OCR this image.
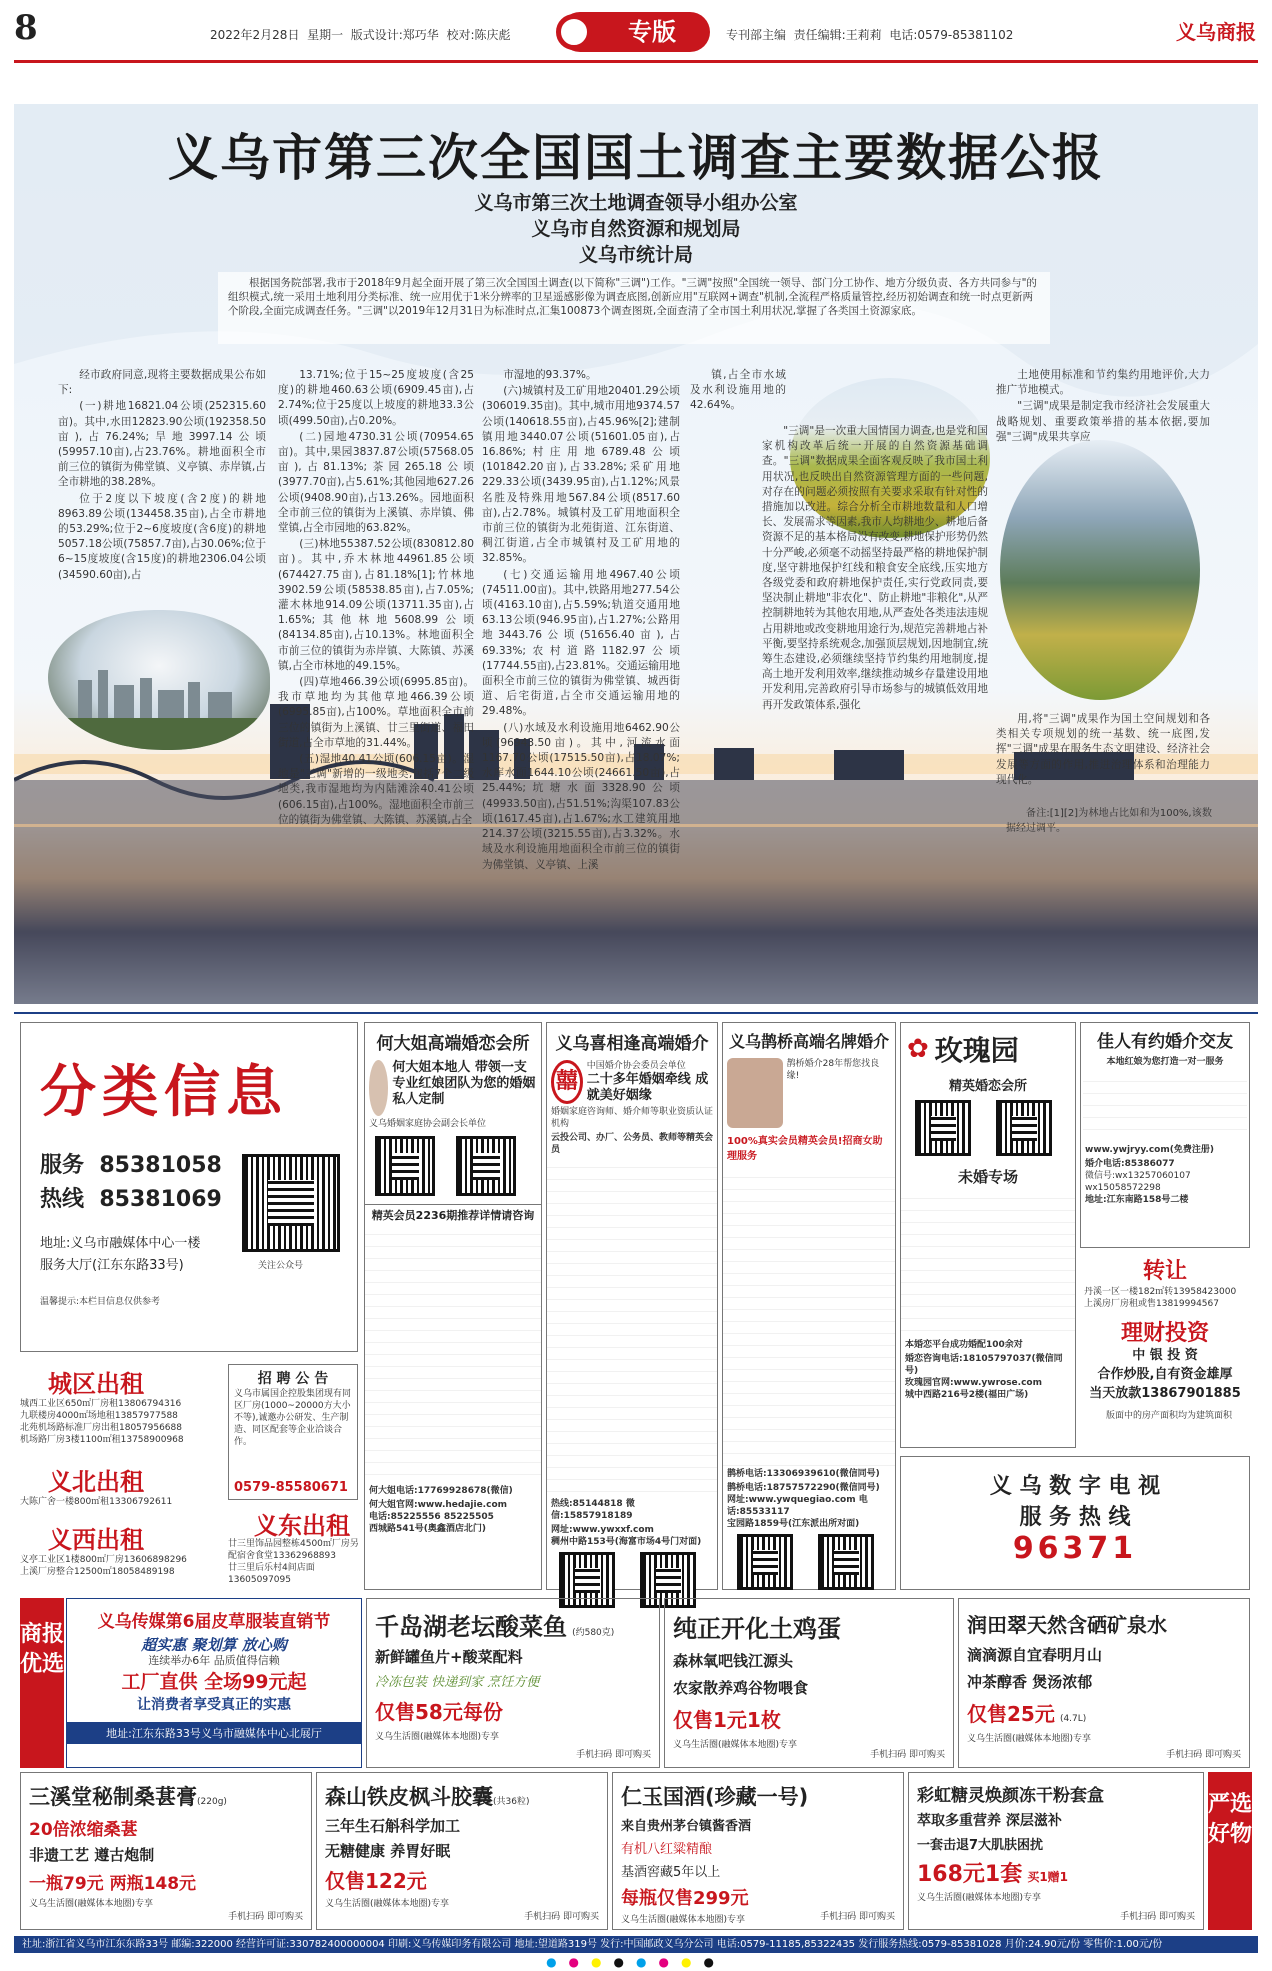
8	2022年2月28日 星期一 版式设计:郑巧华 校对:陈庆彪	专版	专刊部主编 责任编辑:王莉莉 电话:0579-85381102	义乌商报
义乌市第三次全国国土调查主要数据公报
义乌市第三次土地调查领导小组办公室
义乌市自然资源和规划局
义乌市统计局
根据国务院部署,我市于2018年9月起全面开展了第三次全国国土调查(以下简称"三调")工作。"三调"按照"全国统一领导、部门分工协作、地方分级负责、各方共同参与"的组织模式,统一采用土地利用分类标准、统一应用优于1米分辨率的卫星遥感影像为调查底图,创新应用"互联网+调查"机制,全流程严格质量管控,经历初始调查和统一时点更新两个阶段,全面完成调查任务。"三调"以2019年12月31日为标准时点,汇集100873个调查图斑,全面查清了全市国土利用状况,掌握了各类国土资源家底。

经市政府同意,现将主要数据成果公布如下:

(一)耕地16821.04公顷(252315.60亩)。其中,水田12823.90公顷(192358.50亩),占76.24%;旱地3997.14公顷(59957.10亩),占23.76%。耕地面积全市前三位的镇街为佛堂镇、义亭镇、赤岸镇,占全市耕地的38.28%。

位于2度以下坡度(含2度)的耕地8963.89公顷(134458.35亩),占全市耕地的53.29%;位于2~6度坡度(含6度)的耕地5057.18公顷(75857.7亩),占30.06%;位于6~15度坡度(含15度)的耕地2306.04公顷(34590.60亩),占

13.71%;位于15~25度坡度(含25度)的耕地460.63公顷(6909.45亩),占2.74%;位于25度以上坡度的耕地33.3公顷(499.50亩),占0.20%。

(二)园地4730.31公顷(70954.65亩)。其中,果园3837.87公顷(57568.05亩),占81.13%;茶园265.18公顷(3977.70亩),占5.61%;其他园地627.26公顷(9408.90亩),占13.26%。园地面积全市前三位的镇街为上溪镇、赤岸镇、佛堂镇,占全市园地的63.82%。

(三)林地55387.52公顷(830812.80亩)。其中,乔木林地44961.85公顷(674427.75亩),占81.18%[1];竹林地3902.59公顷(58538.85亩),占7.05%;灌木林地914.09公顷(13711.35亩),占1.65%;其他林地5608.99公顷(84134.85亩),占10.13%。林地面积全市前三位的镇街为赤岸镇、大陈镇、苏溪镇,占全市林地的49.15%。

(四)草地466.39公顷(6995.85亩)。我市草地均为其他草地466.39公顷(6995.85亩),占100%。草地面积全市前三位的镇街为上溪镇、廿三里街道、福田街道,占全市草地的31.44%。

(五)湿地40.41公顷(606.15亩)。湿地是"三调"新增的一级地类,包括7个二级地类,我市湿地均为内陆滩涂40.41公顷(606.15亩),占100%。湿地面积全市前三位的镇街为佛堂镇、大陈镇、苏溪镇,占全

市湿地的93.37%。

(六)城镇村及工矿用地20401.29公顷(306019.35亩)。其中,城市用地9374.57公顷(140618.55亩),占45.96%[2];建制镇用地3440.07公顷(51601.05亩),占16.86%;村庄用地6789.48公顷(101842.20亩),占33.28%;采矿用地229.33公顷(3439.95亩),占1.12%;风景名胜及特殊用地567.84公顷(8517.60亩),占2.78%。城镇村及工矿用地面积全市前三位的镇街为北苑街道、江东街道、稠江街道,占全市城镇村及工矿用地的32.85%。

(七)交通运输用地4967.40公顷(74511.00亩)。其中,铁路用地277.54公顷(4163.10亩),占5.59%;轨道交通用地63.13公顷(946.95亩),占1.27%;公路用地3443.76公顷(51656.40亩),占69.33%;农村道路1182.97公顷(17744.55亩),占23.81%。交通运输用地面积全市前三位的镇街为佛堂镇、城西街道、后宅街道,占全市交通运输用地的29.48%。

(八)水域及水利设施用地6462.90公顷(96943.50亩)。其中,河流水面1167.70公顷(17515.50亩),占18.07%;水库水面1644.10公顷(24661.50亩),占25.44%;坑塘水面3328.90公顷(49933.50亩),占51.51%;沟渠107.83公顷(1617.45亩),占1.67%;水工建筑用地214.37公顷(3215.55亩),占3.32%。水域及水利设施用地面积全市前三位的镇街为佛堂镇、义亭镇、上溪

镇,占全市水域及水利设施用地的42.64%。

"三调"是一次重大国情国力调查,也是党和国家机构改革后统一开展的自然资源基础调查。"三调"数据成果全面客观反映了我市国土利用状况,也反映出自然资源管理方面的一些问题,对存在的问题必须按照有关要求采取有针对性的措施加以改进。综合分析全市耕地数量和人口增长、发展需求等因素,我市人均耕地少、耕地后备资源不足的基本格局没有改变,耕地保护形势仍然十分严峻,必须毫不动摇坚持最严格的耕地保护制度,坚守耕地保护红线和粮食安全底线,压实地方各级党委和政府耕地保护责任,实行党政同责,要坚决制止耕地"非农化"、防止耕地"非粮化",从严控制耕地转为其他农用地,从严查处各类违法违规占用耕地或改变耕地用途行为,规范完善耕地占补平衡,要坚持系统观念,加强顶层规划,因地制宜,统筹生态建设,必须继续坚持节约集约用地制度,提高土地开发利用效率,继续推动城乡存量建设用地开发利用,完善政府引导市场参与的城镇低效用地再开发政策体系,强化

土地使用标准和节约集约用地评价,大力推广节地模式。

"三调"成果是制定我市经济社会发展重大战略规划、重要政策举措的基本依据,要加强"三调"成果共享应

用,将"三调"成果作为国土空间规划和各类相关专项规划的统一基数、统一底图,发挥"三调"成果在服务生态文明建设、经济社会发展等方面的作用,推进治理体系和治理能力现代化。

备注:[1][2]为林地占比如和为100%,该数据经过调平。
分类信息
服务 85381058
热线 85381069
地址:义乌市融媒体中心一楼
服务大厅(江东东路33号)	关注公众号
温馨提示:本栏目信息仅供参考
城区出租
城西工业区650㎡厂房租13806794316
九联楼房4000㎡场地租13857977588
北苑机场路标准厂房出租18057956688
机场路厂房3楼1100㎡租13758900968
义北出租
大陈广舍一楼800㎡租13306792611
义西出租
义亭工业区1楼800㎡厂房13606898296
上溪厂房整合12500㎡18058489198
招 聘 公 告
义乌市属国企控股集团现有同区厂房(1000~20000方大小不等),诚邀办公研发、生产制造、同区配套等企业洽谈合作。
0579-85580671
义东出租
廿三里饰品园整栋4500㎡厂房另配宿舍食堂13362968893
廿三里后乐村4间店面13605097095
何大姐高端婚恋会所
何大姐本地人 带领一支专业红娘团队为您的婚姻私人定制
义乌婚姻家庭协会副会长单位

精英会员2236期推荐详情请咨询
何大姐电话:17769928678(微信)
何大姐官网:www.hedajie.com
电话:85225556 85225505
西城路541号(奥鑫酒店北门)
义乌喜相逢高端婚介
囍
中国婚介协会委员会单位
二十多年婚姻牵线 成就美好姻缘
婚姻家庭咨询师、婚介师等职业资质认证机构
云投公司、办厂、公务员、教师等精英会员
热线:8514​4818 微信:15857918189
网址:www.ywxxf.com
稠州中路153号(海富市场4号门对面)

义乌鹊桥高端名牌婚介
鹊桥婚介28年帮您找良缘!
100%真实会员精英会员!招商女助理服务
鹊桥电话:13306939610(微信同号)
鹊桥电话:18757572290(微信同号)
网址:www.ywquegiao.com 电话:85533117
宝园路1859号(江东派出所对面)

✿ 玫瑰园
精英婚恋会所

未婚专场
本婚恋平台成功婚配100余对
婚恋咨询电话:18105797037(微信同号)
玫瑰园官网:www.ywrose.com
城中西路216号2楼(福田广场)
佳人有约婚介交友
本地红娘为您打造一对一服务
www.ywjryy.com(免费注册)
婚介电话:85386077
微信号:wx13257060107
wx15058572298
地址:江东南路158号二楼
转让
丹溪一区一楼182㎡转13958423000
上溪房厂房租或售13819994567
理财投资
中 银 投 资
合作炒股,自有资金雄厚
当天放款13867901885
版面中的房产面积均为建筑面积
义 乌 数 字 电 视
服 务 热 线
96371
商报优选
义乌传媒第6届皮草服装直销节
超实惠 聚划算 放心购
连续举办6年 品质值得信赖
工厂直供 全场99元起
让消费者享受真正的实惠
地址:江东东路33号义乌市融媒体中心北展厅
千岛湖老坛酸菜鱼 (约580克)
新鲜罐鱼片+酸菜配料
冷冻包装 快递到家 烹饪方便
仅售58元每份
义乌生活圈(融媒体本地圈)专享
手机扫码 即可购买
纯正开化土鸡蛋
森林氧吧钱江源头
农家散养鸡谷物喂食
仅售1元1枚
义乌生活圈(融媒体本地圈)专享
手机扫码 即可购买
润田翠天然含硒矿泉水
滴滴源自宜春明月山
冲茶醇香 煲汤浓郁
仅售25元 (4.7L)
义乌生活圈(融媒体本地圈)专享
手机扫码 即可购买
三溪堂秘制桑葚膏(220g)
20倍浓缩桑葚
非遗工艺 遵古炮制
一瓶79元 两瓶148元
义乌生活圈(融媒体本地圈)专享
手机扫码 即可购买
森山铁皮枫斗胶囊(共36粒)
三年生石斛科学加工
无糖健康 养胃好眠
仅售122元
义乌生活圈(融媒体本地圈)专享
手机扫码 即可购买
仁玉国酒(珍藏一号)
来自贵州茅台镇酱香酒
有机八红粱精酿
基酒窖藏5年以上
每瓶仅售299元
义乌生活圈(融媒体本地圈)专享	手机扫码 即可购买
彩虹糖灵焕颜冻干粉套盒
萃取多重营养 深层滋补
一套击退7大肌肤困扰
168元1套 买1赠1
义乌生活圈(融媒体本地圈)专享
手机扫码 即可购买
严选好物
社址:浙江省义乌市江东东路33号 邮编:322000 经营许可证:330782400000004 印刷:义乌传媒印务有限公司 地址:望道路319号 发行:中国邮政义乌分公司 电话:0579-11185,85322435 发行服务热线:0579-85381028 月价:24.90元/份 零售价:1.00元/份
●●●●●●●●
